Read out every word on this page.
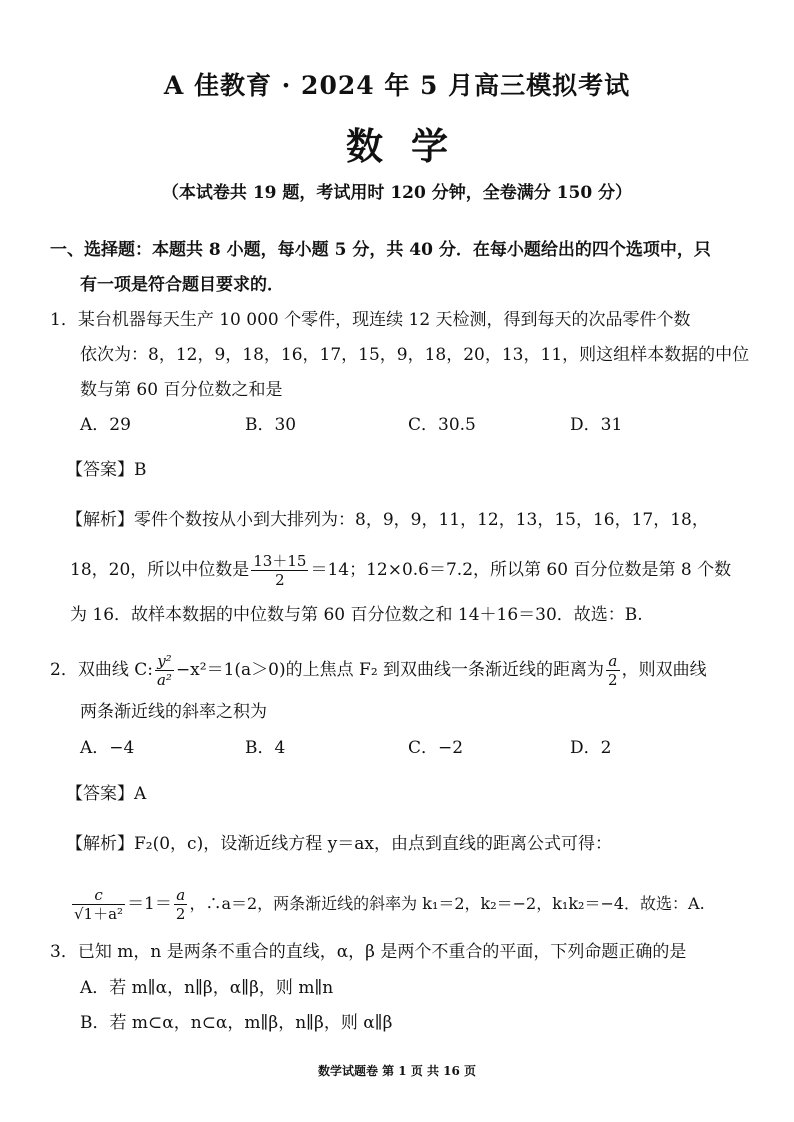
A 佳教育 · 2024 年 5 月高三模拟考试
数学
（本试卷共 19 题，考试用时 120 分钟，全卷满分 150 分）
一、选择题：本题共 8 小题，每小题 5 分，共 40 分．在每小题给出的四个选项中，只
有一项是符合题目要求的．
1．某台机器每天生产 10 000 个零件，现连续 12 天检测，得到每天的次品零件个数
依次为：8，12，9，18，16，17，15，9，18，20，13，11，则这组样本数据的中位
数与第 60 百分位数之和是
A．29	B．30	C．30.5	D．31
【答案】B
【解析】零件个数按从小到大排列为：8，9，9，11，12，13，15，16，17，18，
18，20，所以中位数是 $\frac{13+15}{2} =14$；12×0.6＝7.2，所以第 60 百分位数是第 8 个数
为 16．故样本数据的中位数与第 60 百分位数之和 14＋16＝30．故选：B.
2．双曲线 C: $\frac{\text{y²}}{\text{a²}} -x^2=1(a>0)$的上焦点 F₂ 到双曲线一条渐近线的距离为 $\frac{a}{2}$ ，则双曲线
两条渐近线的斜率之积为
A．−4	B．4	C．−2	D．2
【答案】A
【解析】F₂(0，c)，设渐近线方程 y＝ax，由点到直线的距离公式可得：
$\frac{c}{\text{√1＋a²}} =1= \frac{a}{2}$ ，∴a＝2，两条渐近线的斜率为 k₁＝2，k₂＝−2，k₁k₂＝−4．故选：A.
3．已知 m，n 是两条不重合的直线，α，β 是两个不重合的平面，下列命题正确的是
A．若 m∥α，n∥β，α∥β，则 m∥n
B．若 m⊂α，n⊂α，m∥β，n∥β，则 α∥β
数学试题卷 第 1 页 共 16 页
